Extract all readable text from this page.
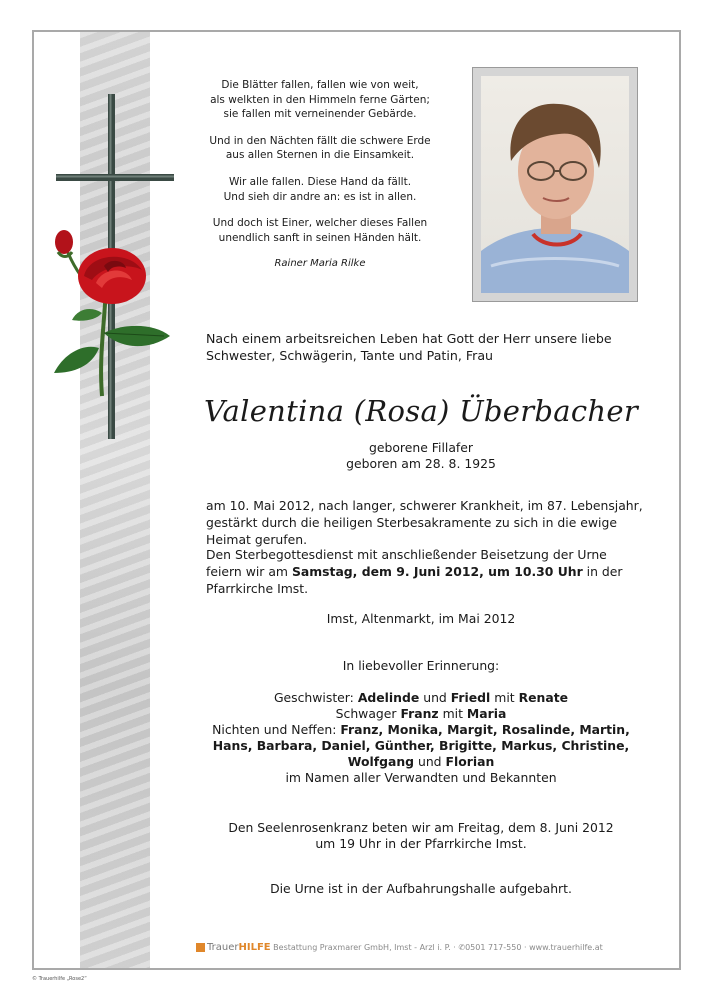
Die Blätter fallen, fallen wie von weit,
als welkten in den Himmeln ferne Gärten;
sie fallen mit verneinender Gebärde.

Und in den Nächten fällt die schwere Erde
aus allen Sternen in die Einsamkeit.

Wir alle fallen. Diese Hand da fällt.
Und sieh dir andre an: es ist in allen.

Und doch ist Einer, welcher dieses Fallen
unendlich sanft in seinen Händen hält.

Rainer Maria Rilke

Nach einem arbeitsreichen Leben hat Gott der Herr unsere liebe Schwester, Schwägerin, Tante und Patin, Frau
Valentina (Rosa) Überbacher
geborene Fillafer
geboren am 28. 8. 1925
am 10. Mai 2012, nach langer, schwerer Krankheit, im 87. Lebensjahr, gestärkt durch die heiligen Sterbesakramente zu sich in die ewige Heimat gerufen.
Den Sterbegottesdienst mit anschließender Beisetzung der Urne feiern wir am Samstag, dem 9. Juni 2012, um 10.30 Uhr in der Pfarrkirche Imst.
Imst, Altenmarkt, im Mai 2012
In liebevoller Erinnerung:

Geschwister: Adelinde und Friedl mit Renate

Schwager Franz mit Maria

Nichten und Neffen: Franz, Monika, Margit, Rosalinde, Martin,

Hans, Barbara, Daniel, Günther, Brigitte, Markus, Christine,

Wolfgang und Florian

im Namen aller Verwandten und Bekannten

Den Seelenrosenkranz beten wir am Freitag, dem 8. Juni 2012

um 19 Uhr in der Pfarrkirche Imst.

Die Urne ist in der Aufbahrungshalle aufgebahrt.
TrauerHILFE Bestattung Praxmarer GmbH, Imst - Arzl i. P. · ✆0501 717-550 · www.trauerhilfe.at
© Trauerhilfe „Rose2“
